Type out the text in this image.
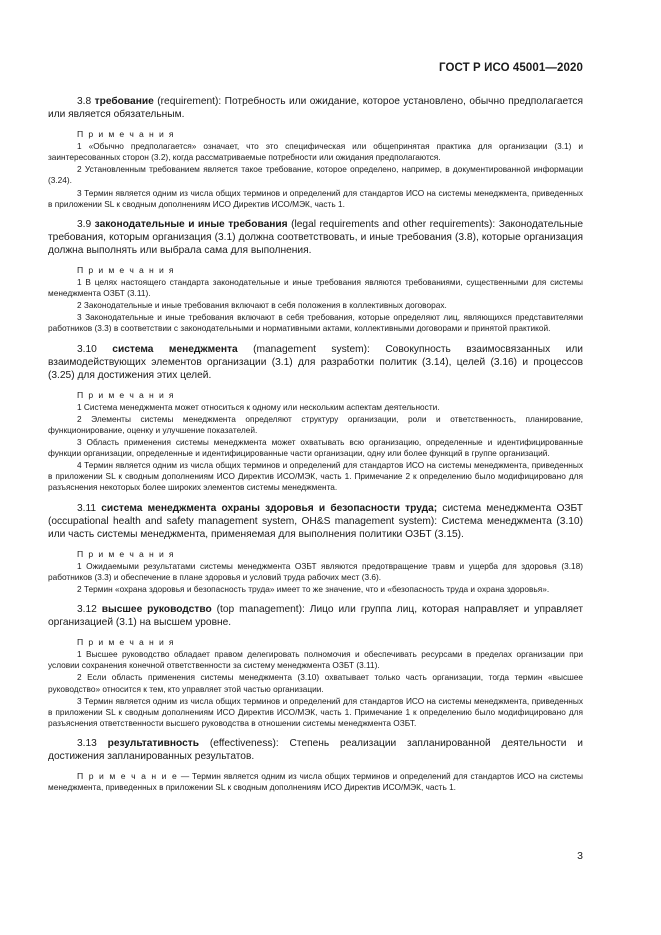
ГОСТ Р ИСО 45001—2020

3.8 требование (requirement): Потребность или ожидание, которое установлено, обычно предполагается или является обязательным.

П р и м е ч а н и я

1 «Обычно предполагается» означает, что это специфическая или общепринятая практика для организации (3.1) и заинтересованных сторон (3.2), когда рассматриваемые потребности или ожидания предполагаются.

2 Установленным требованием является такое требование, которое определено, например, в документированной информации (3.24).

3 Термин является одним из числа общих терминов и определений для стандартов ИСО на системы менеджмента, приведенных в приложении SL к сводным дополнениям ИСО Директив ИСО/МЭК, часть 1.

3.9 законодательные и иные требования (legal requirements and other requirements): Законодательные требования, которым организация (3.1) должна соответствовать, и иные требования (3.8), которые организация должна выполнять или выбрала сама для выполнения.

П р и м е ч а н и я

1 В целях настоящего стандарта законодательные и иные требования являются требованиями, существенными для системы менеджмента ОЗБТ (3.11).

2 Законодательные и иные требования включают в себя положения в коллективных договорах.

3 Законодательные и иные требования включают в себя требования, которые определяют лиц, являющихся представителями работников (3.3) в соответствии с законодательными и нормативными актами, коллективными договорами и принятой практикой.

3.10 система менеджмента (management system): Совокупность взаимосвязанных или взаимодействующих элементов организации (3.1) для разработки политик (3.14), целей (3.16) и процессов (3.25) для достижения этих целей.

П р и м е ч а н и я

1 Система менеджмента может относиться к одному или нескольким аспектам деятельности.

2 Элементы системы менеджмента определяют структуру организации, роли и ответственность, планирование, функционирование, оценку и улучшение показателей.

3 Область применения системы менеджмента может охватывать всю организацию, определенные и идентифицированные функции организации, определенные и идентифицированные части организации, одну или более функций в группе организаций.

4 Термин является одним из числа общих терминов и определений для стандартов ИСО на системы менеджмента, приведенных в приложении SL к сводным дополнениям ИСО Директив ИСО/МЭК, часть 1. Примечание 2 к определению было модифицировано для разъяснения некоторых более широких элементов системы менеджмента.

3.11 система менеджмента охраны здоровья и безопасности труда; система менеджмента ОЗБТ (occupational health and safety management system, OH&S management system): Система менеджмента (3.10) или часть системы менеджмента, применяемая для выполнения политики ОЗБТ (3.15).

П р и м е ч а н и я

1 Ожидаемыми результатами системы менеджмента ОЗБТ являются предотвращение травм и ущерба для здоровья (3.18) работников (3.3) и обеспечение в плане здоровья и условий труда рабочих мест (3.6).

2 Термин «охрана здоровья и безопасность труда» имеет то же значение, что и «безопасность труда и охрана здоровья».

3.12 высшее руководство (top management): Лицо или группа лиц, которая направляет и управляет организацией (3.1) на высшем уровне.

П р и м е ч а н и я

1 Высшее руководство обладает правом делегировать полномочия и обеспечивать ресурсами в пределах организации при условии сохранения конечной ответственности за систему менеджмента ОЗБТ (3.11).

2 Если область применения системы менеджмента (3.10) охватывает только часть организации, тогда термин «высшее руководство» относится к тем, кто управляет этой частью организации.

3 Термин является одним из числа общих терминов и определений для стандартов ИСО на системы менеджмента, приведенных в приложении SL к сводным дополнениям ИСО Директив ИСО/МЭК, часть 1. Примечание 1 к определению было модифицировано для разъяснения ответственности высшего руководства в отношении системы менеджмента ОЗБТ.

3.13 результативность (effectiveness): Степень реализации запланированной деятельности и достижения запланированных результатов.

П р и м е ч а н и е — Термин является одним из числа общих терминов и определений для стандартов ИСО на системы менеджмента, приведенных в приложении SL к сводным дополнениям ИСО Директив ИСО/МЭК, часть 1.

3
